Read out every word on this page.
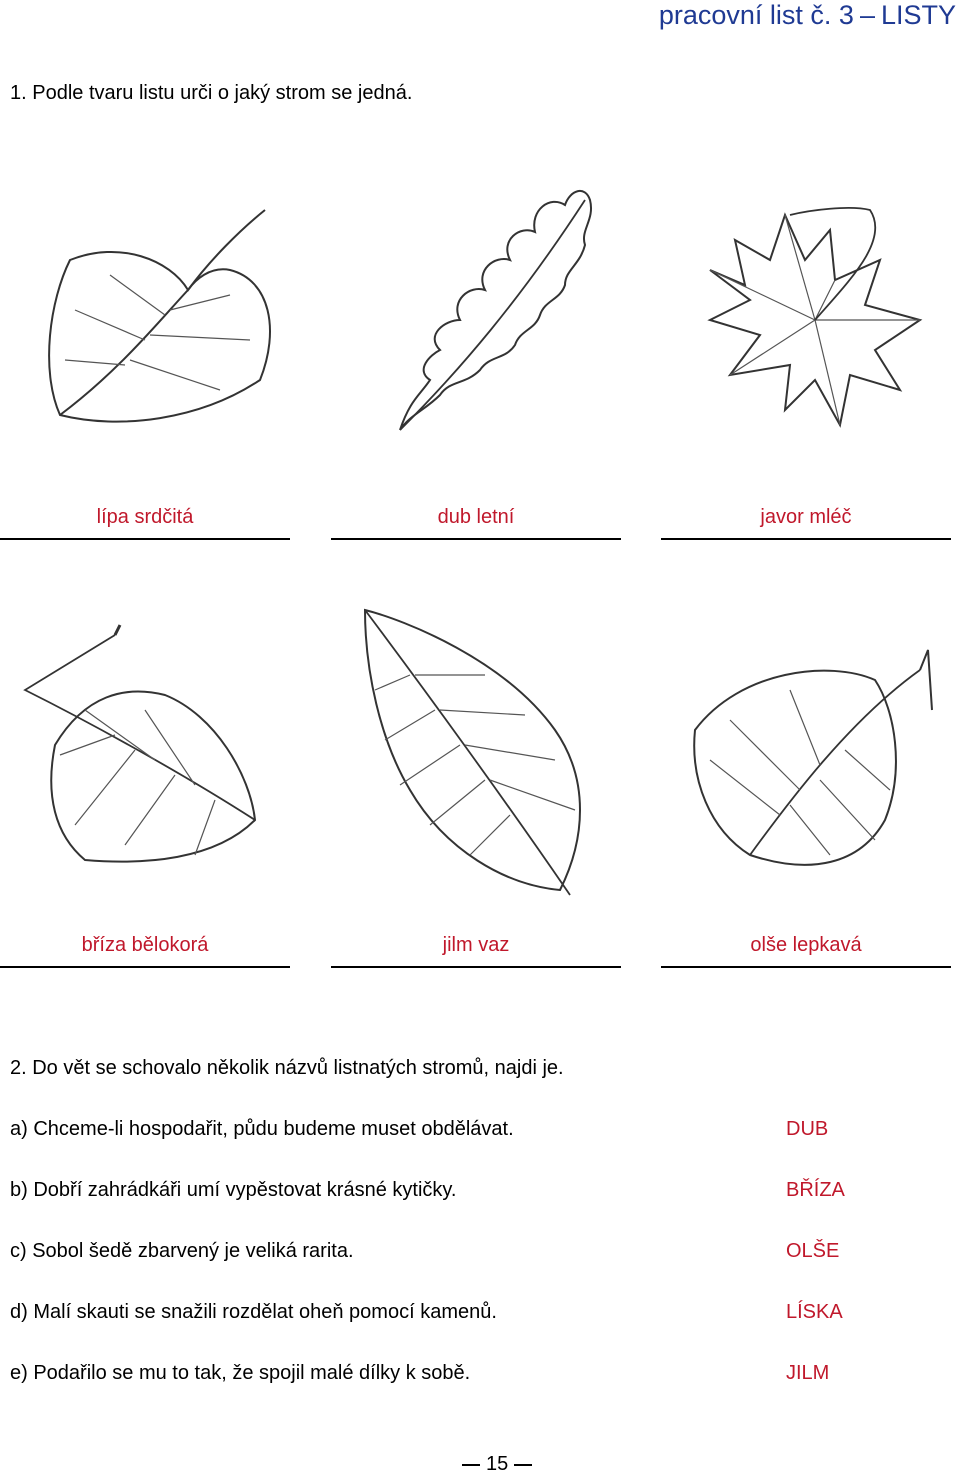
pracovní list č. 3 – LISTY
1. Podle tvaru listu urči o jaký strom se jedná.
lípa srdčitá	dub letní	javor mléč
bříza bělokorá	jilm vaz	olše lepkavá
2. Do vět se schovalo několik názvů listnatých stromů, najdi je.
a) Chceme-li hospodařit, půdu budeme muset obdělávat.	DUB
b) Dobří zahrádkáři umí vypěstovat krásné kytičky.	BŘÍZA
c) Sobol šedě zbarvený je veliká rarita.	OLŠE
d) Malí skauti se snažili rozdělat oheň pomocí kamenů.	LÍSKA
e) Podařilo se mu to tak, že spojil malé dílky k sobě.	JILM
15
